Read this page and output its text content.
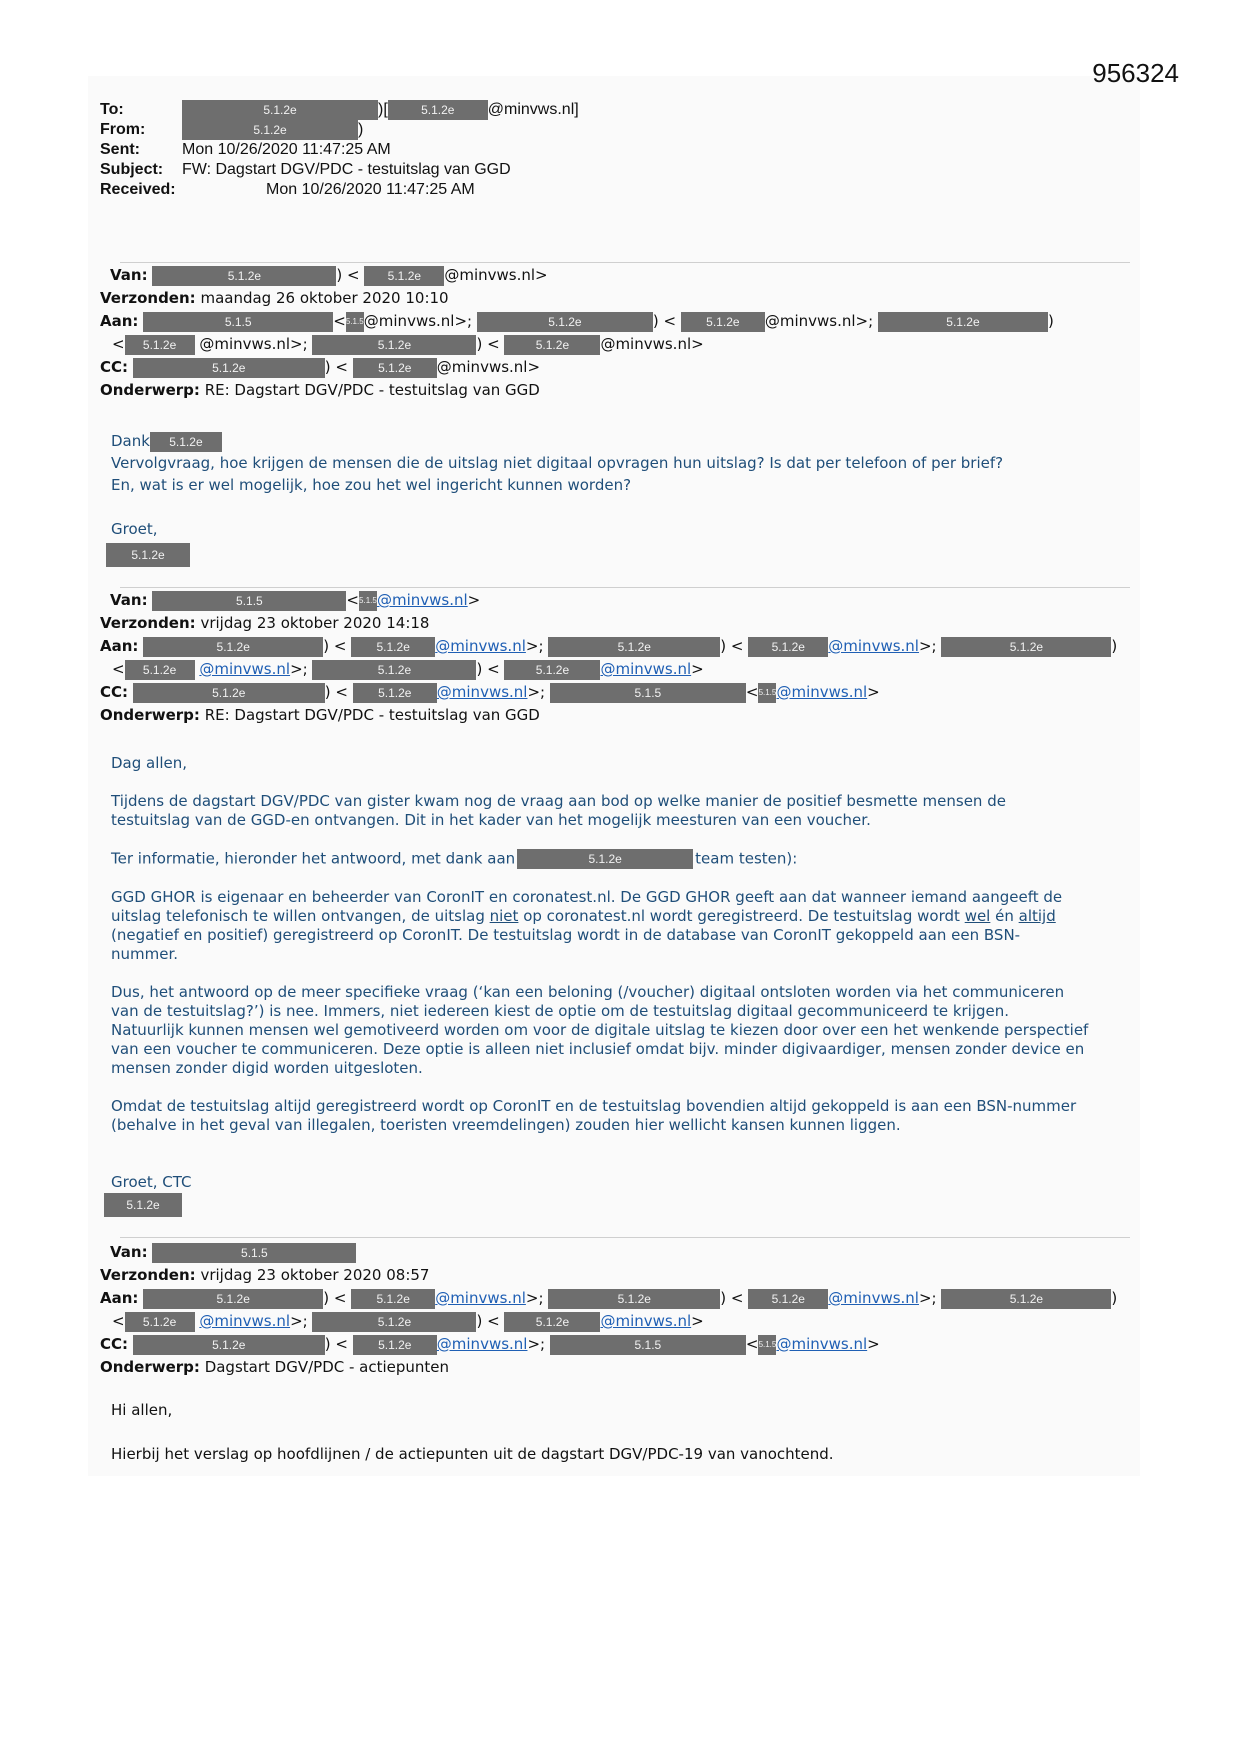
956324
To:	5.1.2e	)[	5.1.2e @minvws.nl]
From:	5.1.2e	)
Sent:	Mon 10/26/2020 11:47:25 AM
Subject: FW: Dagstart DGV/PDC - testuitslag van GGD
Received:	Mon 10/26/2020 11:47:25 AM
Van:	5.1.2e	) < 5.1.2e @minvws.nl>
Verzonden: maandag 26 oktober 2020 10:10
Aan:	5.1.5	<5.1.5@minvws.nl>;	5.1.2e	) <	5.1.2e @minvws.nl>;	5.1.2e	)
< 5.1.2e @minvws.nl>;	5.1.2e	) <	5.1.2e @minvws.nl>
CC:	5.1.2e	) <	5.1.2e @minvws.nl>
Onderwerp: RE: Dagstart DGV/PDC - testuitslag van GGD

Dank 5.1.2e

Vervolgvraag, hoe krijgen de mensen die de uitslag niet digitaal opvragen hun uitslag? Is dat per telefoon of per brief?

En, wat is er wel mogelijk, hoe zou het wel ingericht kunnen worden?

Groet,

5.1.2e
Van:	5.1.5	<5.1.5@minvws.nl>
Verzonden: vrijdag 23 oktober 2020 14:18
Aan:	5.1.2e	) <	5.1.2e @minvws.nl>;	5.1.2e	) < 5.1.2e @minvws.nl>;	5.1.2e	)
< 5.1.2e @minvws.nl>;	5.1.2e	) <	5.1.2e @minvws.nl>
CC:	5.1.2e	) <	5.1.2e @minvws.nl>;	5.1.5	<5.1.5@minvws.nl>
Onderwerp: RE: Dagstart DGV/PDC - testuitslag van GGD

Dag allen,

Tijdens de dagstart DGV/PDC van gister kwam nog de vraag aan bod op welke manier de positief besmette mensen de

testuitslag van de GGD-en ontvangen. Dit in het kader van het mogelijk meesturen van een voucher.

Ter informatie, hieronder het antwoord, met dank aan	5.1.2e	team testen):

GGD GHOR is eigenaar en beheerder van CoronIT en coronatest.nl. De GGD GHOR geeft aan dat wanneer iemand aangeeft de

uitslag telefonisch te willen ontvangen, de uitslag niet op coronatest.nl wordt geregistreerd. De testuitslag wordt wel én altijd

(negatief en positief) geregistreerd op CoronIT. De testuitslag wordt in de database van CoronIT gekoppeld aan een BSN-

nummer.

Dus, het antwoord op de meer specifieke vraag (‘kan een beloning (/voucher) digitaal ontsloten worden via het communiceren

van de testuitslag?’) is nee. Immers, niet iedereen kiest de optie om de testuitslag digitaal gecommuniceerd te krijgen.

Natuurlijk kunnen mensen wel gemotiveerd worden om voor de digitale uitslag te kiezen door over een het wenkende perspectief

van een voucher te communiceren. Deze optie is alleen niet inclusief omdat bijv. minder digivaardiger, mensen zonder device en

mensen zonder digid worden uitgesloten.

Omdat de testuitslag altijd geregistreerd wordt op CoronIT en de testuitslag bovendien altijd gekoppeld is aan een BSN-nummer

(behalve in het geval van illegalen, toeristen vreemdelingen) zouden hier wellicht kansen kunnen liggen.

Groet, CTC

5.1.2e
Van:	5.1.5
Verzonden: vrijdag 23 oktober 2020 08:57
Aan:	5.1.2e	) <	5.1.2e @minvws.nl>;	5.1.2e	) < 5.1.2e @minvws.nl>;	5.1.2e	)
< 5.1.2e @minvws.nl>;	5.1.2e	) <	5.1.2e @minvws.nl>
CC:	5.1.2e	) <	5.1.2e @minvws.nl>;	5.1.5	<5.1.5@minvws.nl>
Onderwerp: Dagstart DGV/PDC - actiepunten

Hi allen,

Hierbij het verslag op hoofdlijnen / de actiepunten uit de dagstart DGV/PDC-19 van vanochtend.
